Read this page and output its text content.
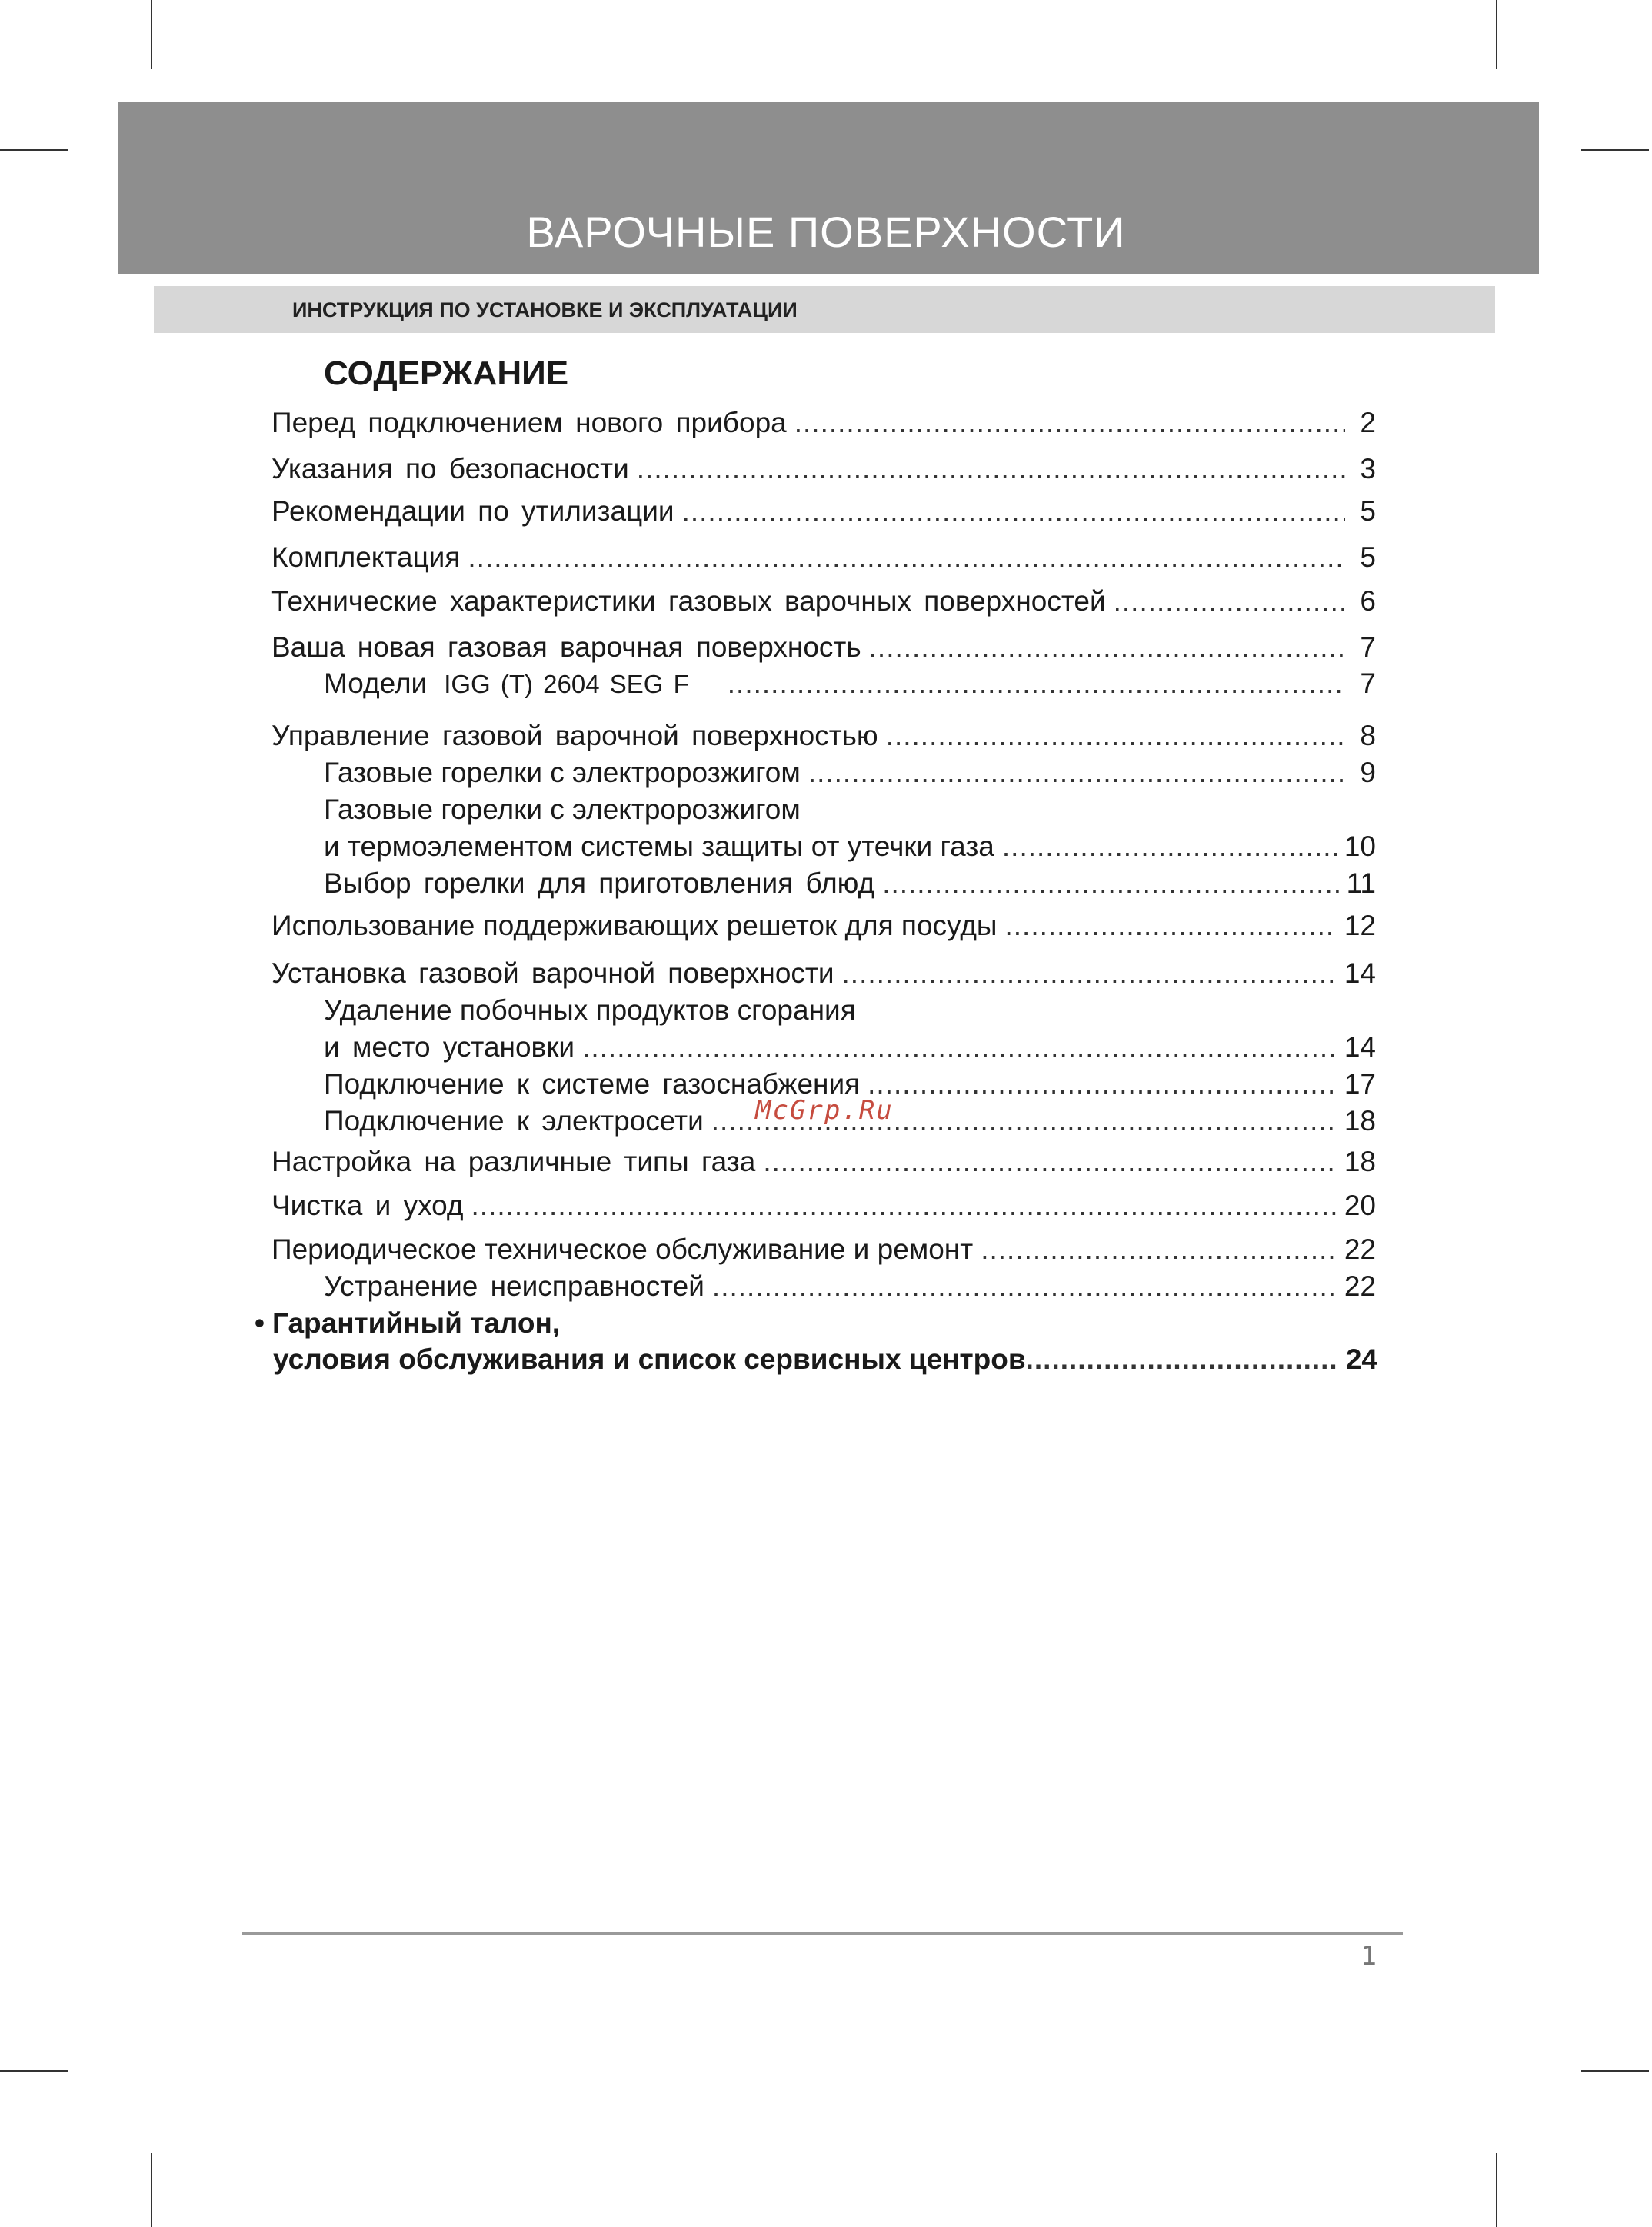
ВАРОЧНЫЕ ПОВЕРХНОСТИ
ИНСТРУКЦИЯ ПО УСТАНОВКЕ И ЭКСПЛУАТАЦИИ
СОДЕРЖАНИЕ
Перед подключением нового прибора .....	2
Указания по безопасности .....	3
Рекомендации по утилизации .....	5
Комплектация .....	5
Технические характеристики газовых варочных поверхностей .....	6
Ваша новая газовая варочная поверхность .....	7
Модели IGG (T) 2604 SEG F .....	7
Управление газовой варочной поверхностью .....	8
Газовые горелки с электророзжигом .....	9
Газовые горелки с электророзжигом
и термоэлементом системы защиты от утечки газа .....	10
Выбор горелки для приготовления блюд .....	11
Использование поддерживающих решеток для посуды .....	12
Установка газовой варочной поверхности .....	14
Удаление побочных продуктов сгорания
и место установки .....	14
Подключение к системе газоснабжения .....	17
Подключение к электросети .....	18
Настройка на различные типы газа .....	18
Чистка и уход .....	20
Периодическое техническое обслуживание и ремонт .....	22
Устранение неисправностей .....	22
• Гарантийный талон,
условия обслуживания и список сервисных центров .....	24
McGrp.Ru
1
